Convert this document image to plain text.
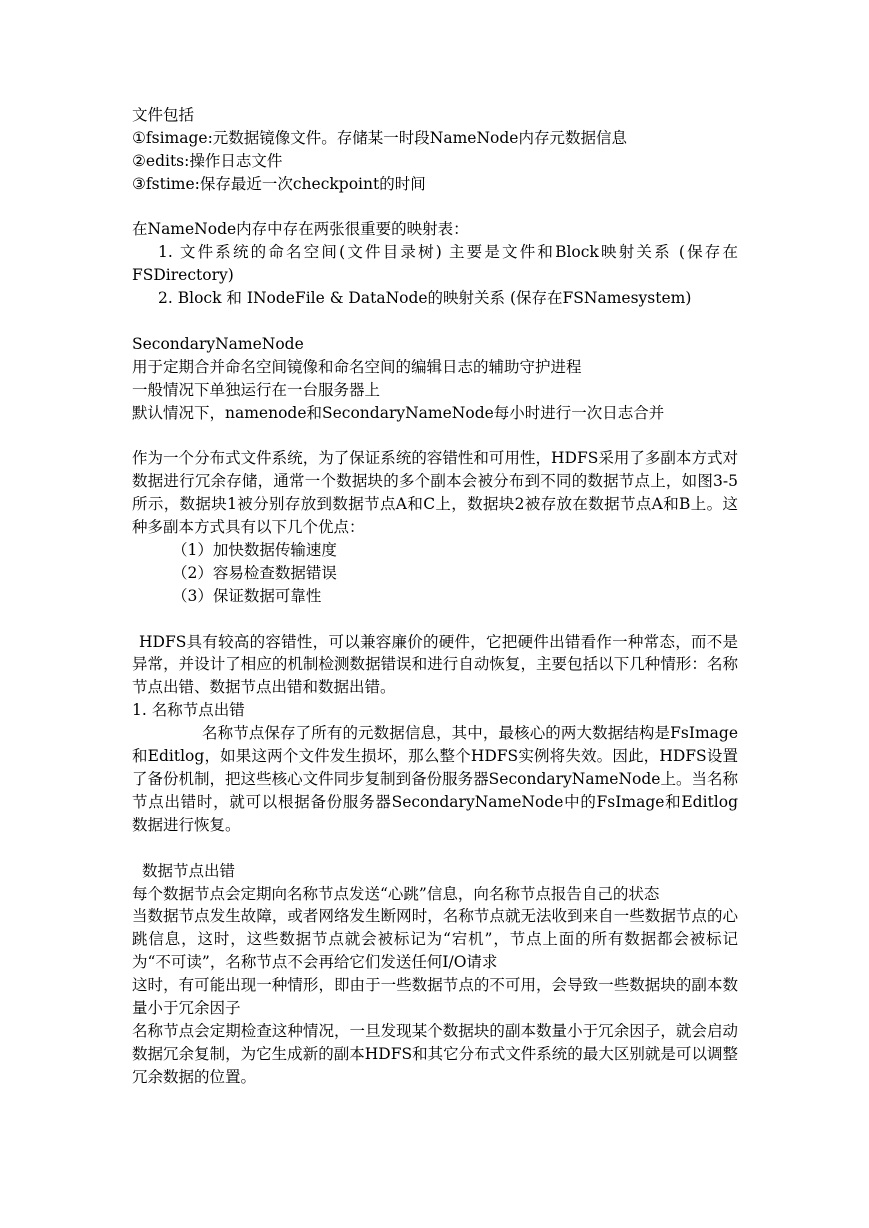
文件包括
①fsimage:元数据镜像文件。存储某一时段NameNode内存元数据信息
②edits:操作日志文件
③fstime:保存最近一次checkpoint的时间
在NameNode内存中存在两张很重要的映射表：
1. 文件系统的命名空间(文件目录树) 主要是文件和Block映射关系 (保存在FSDirectory)
2. Block 和 INodeFile & DataNode的映射关系 (保存在FSNamesystem)
SecondaryNameNode
用于定期合并命名空间镜像和命名空间的编辑日志的辅助守护进程
一般情况下单独运行在一台服务器上
默认情况下，namenode和SecondaryNameNode每小时进行一次日志合并
作为一个分布式文件系统，为了保证系统的容错性和可用性，HDFS采用了多副本方式对数据进行冗余存储，通常一个数据块的多个副本会被分布到不同的数据节点上，如图3-5所示，数据块1被分别存放到数据节点A和C上，数据块2被存放在数据节点A和B上。这种多副本方式具有以下几个优点：
（1）加快数据传输速度
（2）容易检查数据错误
（3）保证数据可靠性
HDFS具有较高的容错性，可以兼容廉价的硬件，它把硬件出错看作一种常态，而不是异常，并设计了相应的机制检测数据错误和进行自动恢复，主要包括以下几种情形：名称节点出错、数据节点出错和数据出错。
1. 名称节点出错
名称节点保存了所有的元数据信息，其中，最核心的两大数据结构是FsImage和Editlog，如果这两个文件发生损坏，那么整个HDFS实例将失效。因此，HDFS设置了备份机制，把这些核心文件同步复制到备份服务器SecondaryNameNode上。当名称节点出错时，就可以根据备份服务器SecondaryNameNode中的FsImage和Editlog数据进行恢复。
数据节点出错
每个数据节点会定期向名称节点发送“心跳”信息，向名称节点报告自己的状态
当数据节点发生故障，或者网络发生断网时，名称节点就无法收到来自一些数据节点的心跳信息，这时，这些数据节点就会被标记为“宕机”，节点上面的所有数据都会被标记为“不可读”，名称节点不会再给它们发送任何I/O请求
这时，有可能出现一种情形，即由于一些数据节点的不可用，会导致一些数据块的副本数量小于冗余因子
名称节点会定期检查这种情况，一旦发现某个数据块的副本数量小于冗余因子，就会启动数据冗余复制，为它生成新的副本HDFS和其它分布式文件系统的最大区别就是可以调整冗余数据的位置。
